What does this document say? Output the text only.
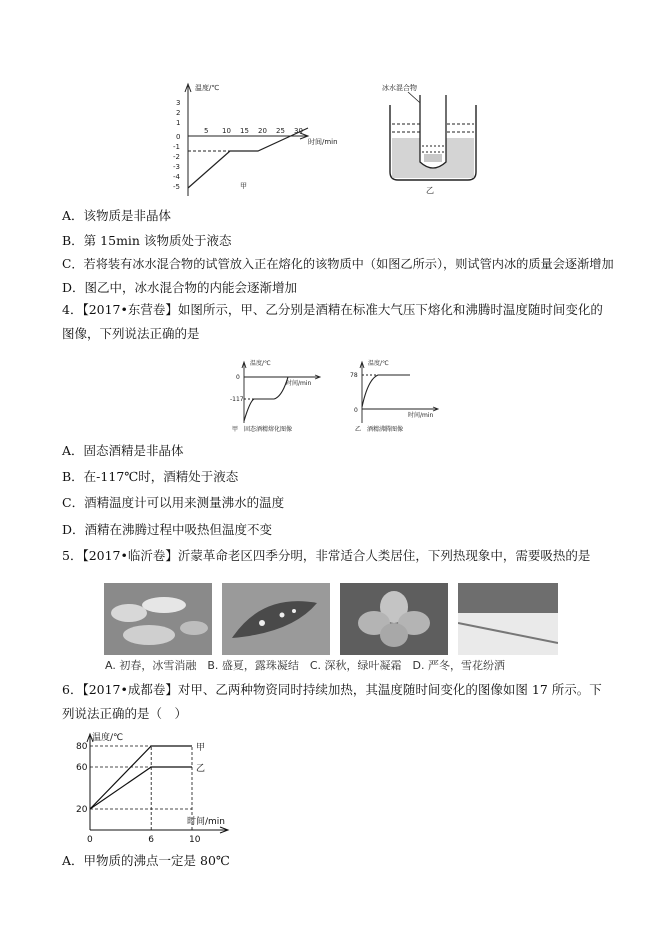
温度/℃
时间/min
3
2
1
0
-1
-2
-3
-4
-5
5 10 15 20 25 30
甲
冰水混合物
乙
A．该物质是非晶体
B．第 15min 该物质处于液态
C．若将装有冰水混合物的试管放入正在熔化的该物质中（如图乙所示），则试管内冰的质量会逐渐增加
D．图乙中，冰水混合物的内能会逐渐增加
4．【2017•东营卷】如图所示，甲、乙分别是酒精在标准大气压下熔化和沸腾时温度随时间变化的图像，下列说法正确的是
温度/℃
时间/min
0
-117
甲　固态酒精熔化图像
温度/℃
时间/min
78
0
乙　酒精沸腾图像
A．固态酒精是非晶体
B．在-117℃时，酒精处于液态
C．酒精温度计可以用来测量沸水的温度
D．酒精在沸腾过程中吸热但温度不变
5．【2017•临沂卷】沂蒙革命老区四季分明，非常适合人类居住，下列热现象中，需要吸热的是
A. 初春，冰雪消融　B. 盛夏，露珠凝结　C. 深秋，绿叶凝霜　D. 严冬，雪花纷洒
6．【2017•成都卷】对甲、乙两种物资同时持续加热，其温度随时间变化的图像如图 17 所示。下列说法正确的是（　）
温度/℃
时间/min
20
60
80
0	6	10
甲
乙
A．甲物质的沸点一定是 80℃
